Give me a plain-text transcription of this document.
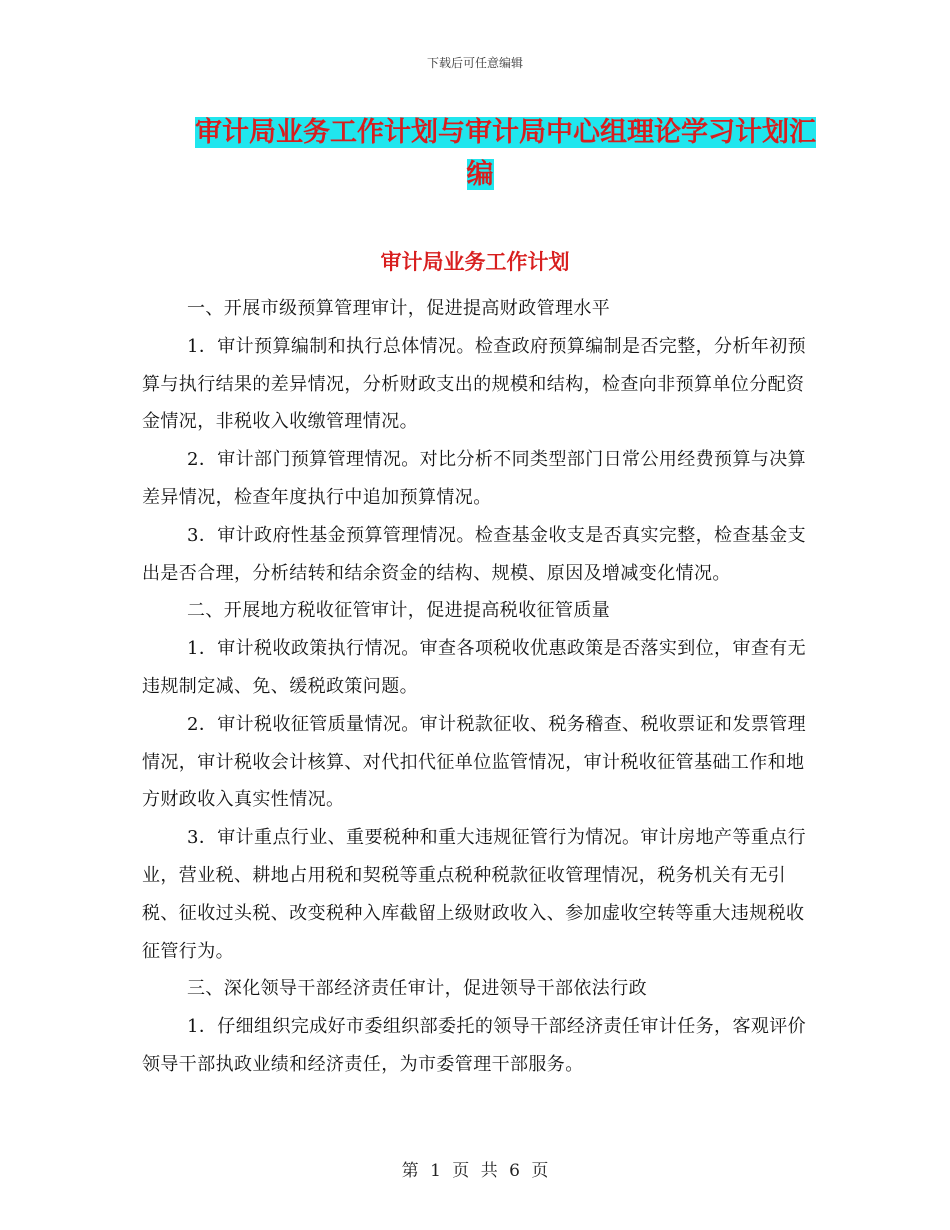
下载后可任意编辑
审计局业务工作计划与审计局中心组理论学习计划汇
编
审计局业务工作计划

一、开展市级预算管理审计，促进提高财政管理水平

1．审计预算编制和执行总体情况。检查政府预算编制是否完整，分析年初预算与执行结果的差异情况，分析财政支出的规模和结构，检查向非预算单位分配资金情况，非税收入收缴管理情况。

2．审计部门预算管理情况。对比分析不同类型部门日常公用经费预算与决算差异情况，检查年度执行中追加预算情况。

3．审计政府性基金预算管理情况。检查基金收支是否真实完整，检查基金支出是否合理，分析结转和结余资金的结构、规模、原因及增减变化情况。

二、开展地方税收征管审计，促进提高税收征管质量

1．审计税收政策执行情况。审查各项税收优惠政策是否落实到位，审查有无违规制定减、免、缓税政策问题。

2．审计税收征管质量情况。审计税款征收、税务稽查、税收票证和发票管理情况，审计税收会计核算、对代扣代征单位监管情况，审计税收征管基础工作和地方财政收入真实性情况。

3．审计重点行业、重要税种和重大违规征管行为情况。审计房地产等重点行业，营业税、耕地占用税和契税等重点税种税款征收管理情况，税务机关有无引税、征收过头税、改变税种入库截留上级财政收入、参加虚收空转等重大违规税收征管行为。

三、深化领导干部经济责任审计，促进领导干部依法行政

1．仔细组织完成好市委组织部委托的领导干部经济责任审计任务，客观评价领导干部执政业绩和经济责任，为市委管理干部服务。

第 1 页 共 6 页
